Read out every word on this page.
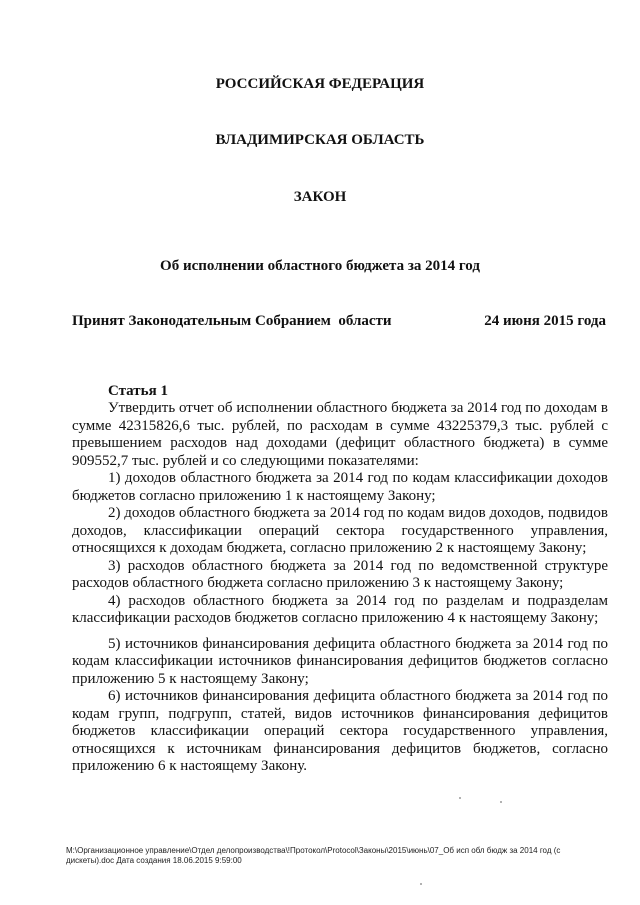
РОССИЙСКАЯ ФЕДЕРАЦИЯ
ВЛАДИМИРСКАЯ ОБЛАСТЬ
ЗАКОН
Об исполнении областного бюджета за 2014 год
Принят Законодательным Собранием  области	24 июня 2015 года
Статья 1

Утвердить отчет об исполнении областного бюджета за 2014 год по доходам в сумме 42315826,6 тыс. рублей, по расходам в сумме 43225379,3 тыс. рублей с превышением расходов над доходами (дефицит областного бюджета) в сумме 909552,7 тыс. рублей и со следующими показателями:

1) доходов областного бюджета за 2014 год по кодам классификации доходов бюджетов согласно приложению 1 к настоящему Закону;

2) доходов областного бюджета за 2014 год по кодам видов доходов, подвидов доходов, классификации операций сектора государственного управления, относящихся к доходам бюджета, согласно приложению 2 к настоящему Закону;

3) расходов областного бюджета за 2014 год по ведомственной структуре расходов областного бюджета согласно приложению 3 к настоящему Закону;

4) расходов областного бюджета за 2014 год по разделам и подразделам классификации расходов бюджетов согласно приложению 4 к настоящему Закону;

5) источников финансирования дефицита областного бюджета за 2014 год по кодам классификации источников финансирования дефицитов бюджетов согласно приложению 5 к настоящему Закону;

6) источников финансирования дефицита областного бюджета за 2014 год по кодам групп, подгрупп, статей, видов источников финансирования дефицитов бюджетов классификации операций сектора государственного управления, относящихся к источникам финансирования дефицитов бюджетов, согласно приложению 6 к настоящему Закону.

M:\Организационное управление\Отдел делопроизводства\!Протокол\Protocol\Законы\2015\июнь\07_Об исп обл бюдж за 2014 год (с дискеты).doc Дата создания 18.06.2015 9:59:00
